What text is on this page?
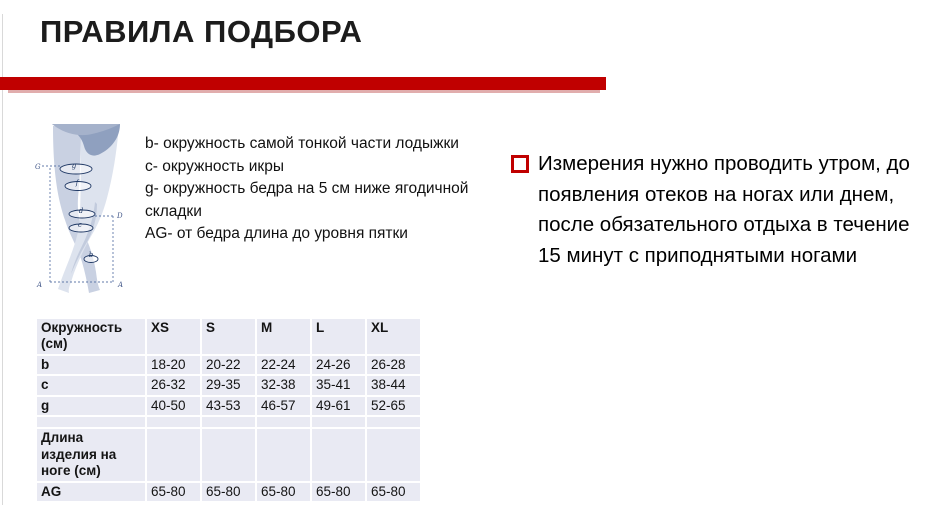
ПРАВИЛА ПОДБОРА
g
f
d
c
b
G
D
A	A
b- окружность самой тонкой части лодыжки
c- окружность икры
g- окружность бедра на 5 см ниже ягодичной складки
AG- от бедра длина до уровня пятки
Измерения нужно проводить утром, до появления отеков на ногах или днем, после обязательного отдыха в течение 15 минут с приподнятыми ногами
Окружность (см)	XS	S	M	L	XL
b	18-20	20-22	22-24	24-26	26-28
c	26-32	29-35	32-38	35-41	38-44
g	40-50	43-53	46-57	49-61	52-65

Длина изделия на ноге (см)					
AG	65-80	65-80	65-80	65-80	65-80
